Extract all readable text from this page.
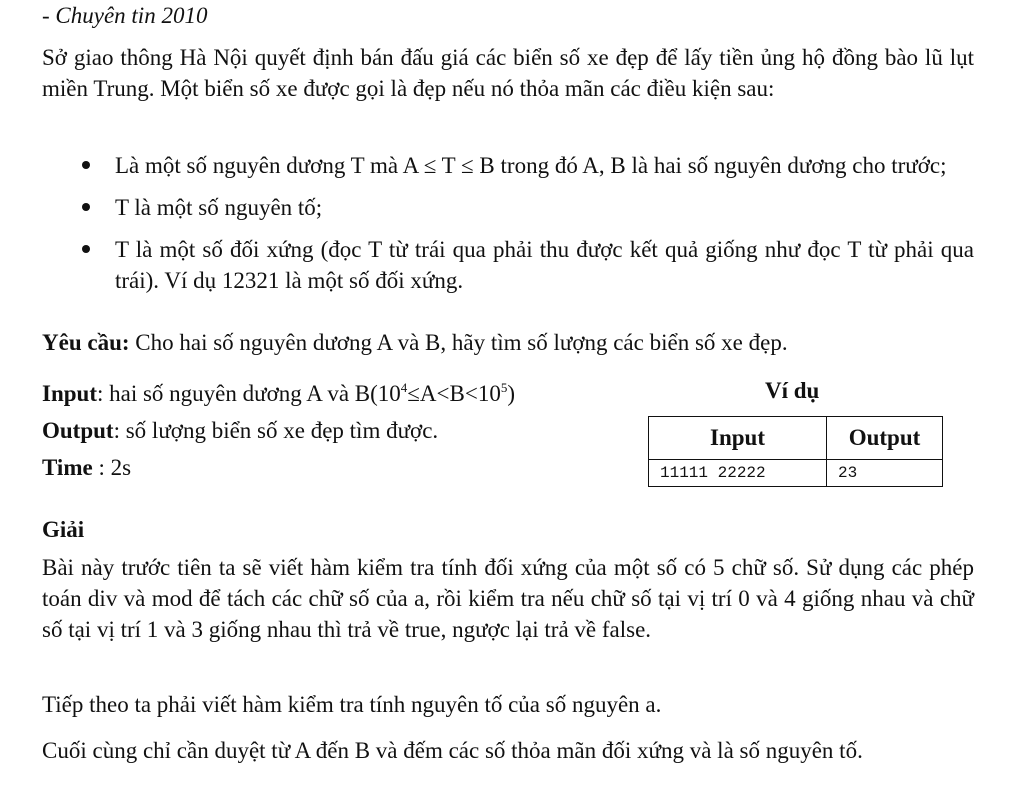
- Chuyên tin 2010
Sở giao thông Hà Nội quyết định bán đấu giá các biển số xe đẹp để lấy tiền ủng hộ đồng bào lũ lụt miền Trung. Một biển số xe được gọi là đẹp nếu nó thỏa mãn các điều kiện sau:
Là một số nguyên dương T mà A ≤ T ≤ B trong đó A, B là hai số nguyên dương cho trước;
T là một số nguyên tố;
T là một số đối xứng (đọc T từ trái qua phải thu được kết quả giống như đọc T từ phải qua trái). Ví dụ 12321 là một số đối xứng.
Yêu cầu: Cho hai số nguyên dương A và B, hãy tìm số lượng các biển số xe đẹp.
Input: hai số nguyên dương A và $B(10^4\le A<B<10^5)$
Output: số lượng biển số xe đẹp tìm được.
Time : 2s
Ví dụ
Input	Output
11111 22222	23
Giải
Bài này trước tiên ta sẽ viết hàm kiểm tra tính đối xứng của một số có 5 chữ số. Sử dụng các phép toán div và mod để tách các chữ số của a, rồi kiểm tra nếu chữ số tại vị trí 0 và 4 giống nhau và chữ số tại vị trí 1 và 3 giống nhau thì trả về true, ngược lại trả về false.
Tiếp theo ta phải viết hàm kiểm tra tính nguyên tố của số nguyên a.
Cuối cùng chỉ cần duyệt từ A đến B và đếm các số thỏa mãn đối xứng và là số nguyên tố.
